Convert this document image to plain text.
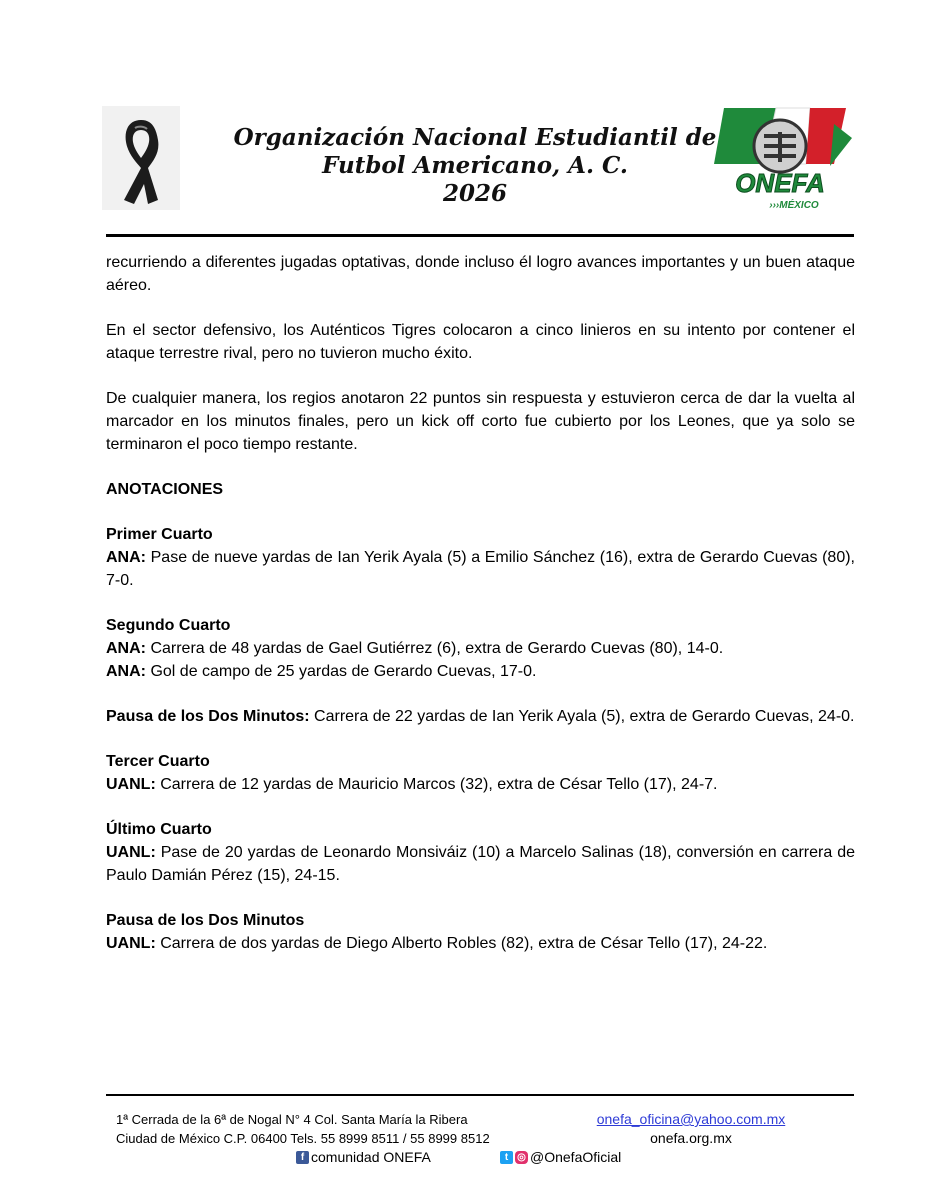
Organización Nacional Estudiantil de
Futbol Americano, A. C.
2026	ONEFA
›››MÉXICO

recurriendo a diferentes jugadas optativas, donde incluso él logro avances importantes y un buen ataque aéreo.

En el sector defensivo, los Auténticos Tigres colocaron a cinco linieros en su intento por contener el ataque terrestre rival, pero no tuvieron mucho éxito.

De cualquier manera, los regios anotaron 22 puntos sin respuesta y estuvieron cerca de dar la vuelta al marcador en los minutos finales, pero un kick off corto fue cubierto por los Leones, que ya solo se terminaron el poco tiempo restante.

ANOTACIONES

Primer Cuarto

ANA: Pase de nueve yardas de Ian Yerik Ayala (5) a Emilio Sánchez (16), extra de Gerardo Cuevas (80), 7-0.

Segundo Cuarto

ANA: Carrera de 48 yardas de Gael Gutiérrez (6), extra de Gerardo Cuevas (80), 14-0.

ANA: Gol de campo de 25 yardas de Gerardo Cuevas, 17-0.

Pausa de los Dos Minutos: Carrera de 22 yardas de Ian Yerik Ayala (5), extra de Gerardo Cuevas, 24-0.

Tercer Cuarto

UANL: Carrera de 12 yardas de Mauricio Marcos (32), extra de César Tello (17), 24-7.

Último Cuarto

UANL: Pase de 20 yardas de Leonardo Monsiváiz (10) a Marcelo Salinas (18), conversión en carrera de Paulo Damián Pérez (15), 24-15.

Pausa de los Dos Minutos

UANL: Carrera de dos yardas de Diego Alberto Robles (82), extra de César Tello (17), 24-22.

1ª Cerrada de la 6ª de Nogal N° 4 Col. Santa María la Ribera
Ciudad de México C.P. 06400 Tels. 55 8999 8511 / 55 8999 8512
onefa_oficina@yahoo.com.mx
onefa.org.mx
f comunidad ONEFA	t ◎ @OnefaOficial
